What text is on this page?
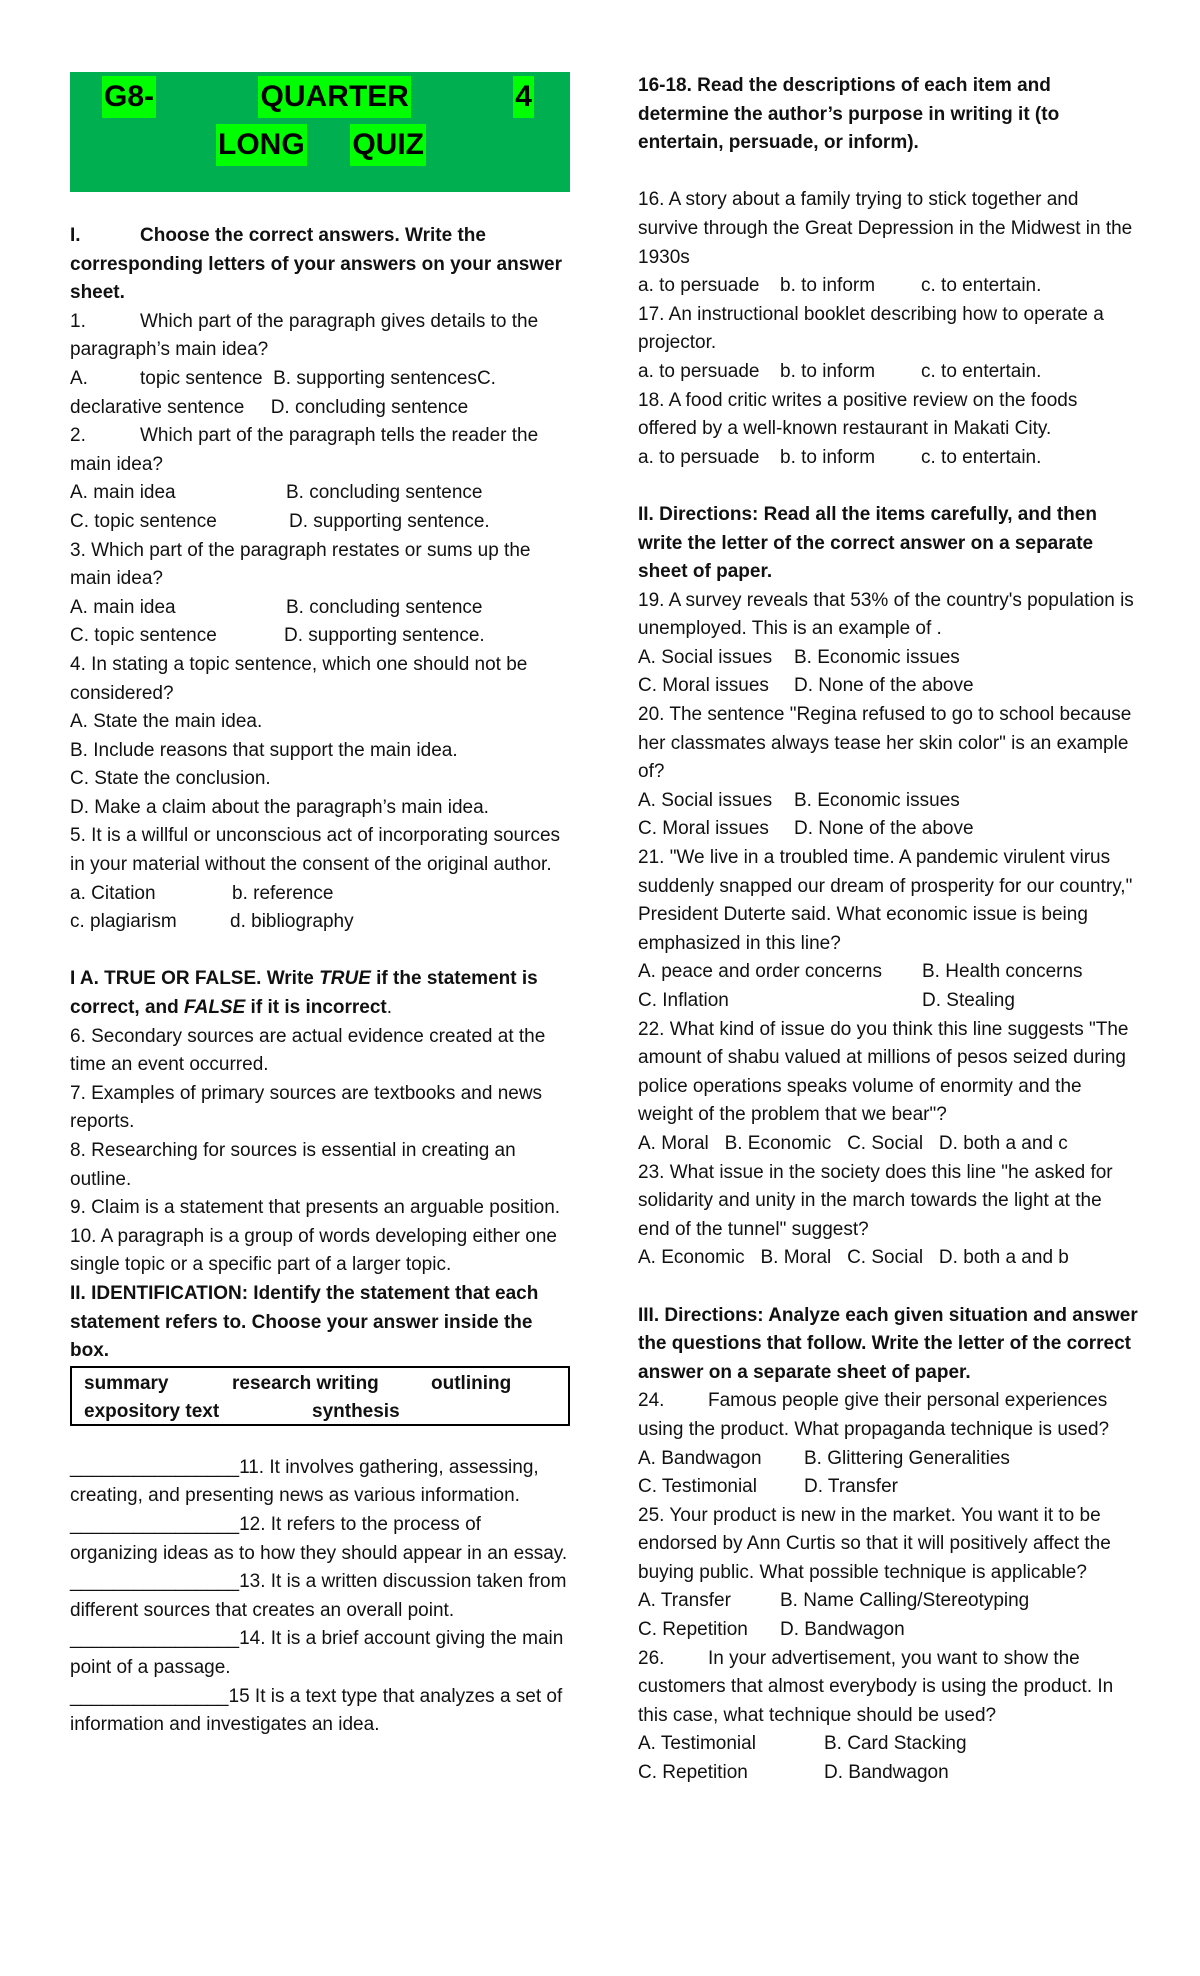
G8-	QUARTER	4
LONG QUIZ

I.	Choose the correct answers. Write the corresponding letters of your answers on your answer sheet.

1.	Which part of the paragraph gives details to the paragraph’s main idea?

A.	topic sentence B. supporting sentencesC. declarative sentence D. concluding sentence

2.	Which part of the paragraph tells the reader the main idea?

A. main idea	B. concluding sentence
C. topic sentence	D. supporting sentence.

3. Which part of the paragraph restates or sums up the main idea?

A. main idea	B. concluding sentence
C. topic sentence	D. supporting sentence.

4. In stating a topic sentence, which one should not be considered?

A. State the main idea.

B. Include reasons that support the main idea.

C. State the conclusion.

D. Make a claim about the paragraph’s main idea.

5. It is a willful or unconscious act of incorporating sources in your material without the consent of the original author.

a. Citation	b. reference
c. plagiarism	d. bibliography

I A. TRUE OR FALSE. Write TRUE if the statement is correct, and FALSE if it is incorrect.

6. Secondary sources are actual evidence created at the time an event occurred.

7. Examples of primary sources are textbooks and news reports.

8. Researching for sources is essential in creating an outline.

9. Claim is a statement that presents an arguable position.

10. A paragraph is a group of words developing either one single topic or a specific part of a larger topic.

II. IDENTIFICATION: Identify the statement that each statement refers to. Choose your answer inside the box.

summary	research writing	outlining
expository text	synthesis

________________11. It involves gathering, assessing, creating, and presenting news as various information.

________________12. It refers to the process of organizing ideas as to how they should appear in an essay.

________________13. It is a written discussion taken from different sources that creates an overall point.

________________14. It is a brief account giving the main point of a passage.

_______________15 It is a text type that analyzes a set of information and investigates an idea.

16-18. Read the descriptions of each item and determine the author’s purpose in writing it (to entertain, persuade, or inform).

16. A story about a family trying to stick together and survive through the Great Depression in the Midwest in the 1930s

a. to persuade	b. to inform	c. to entertain.

17. An instructional booklet describing how to operate a projector.

a. to persuade	b. to inform	c. to entertain.

18. A food critic writes a positive review on the foods offered by a well-known restaurant in Makati City.

a. to persuade	b. to inform	c. to entertain.

II. Directions: Read all the items carefully, and then write the letter of the correct answer on a separate sheet of paper.

19. A survey reveals that 53% of the country's population is unemployed. This is an example of .

A. Social issues	B. Economic issues
C. Moral issues	D. None of the above

20. The sentence "Regina refused to go to school because her classmates always tease her skin color" is an example of?

A. Social issues	B. Economic issues
C. Moral issues	D. None of the above

21. "We live in a troubled time. A pandemic virulent virus suddenly snapped our dream of prosperity for our country," President Duterte said. What economic issue is being emphasized in this line?

A. peace and order concerns	B. Health concerns
C. Inflation	D. Stealing

22. What kind of issue do you think this line suggests "The amount of shabu valued at millions of pesos seized during police operations speaks volume of enormity and the weight of the problem that we bear"?

A. Moral   B. Economic   C. Social   D. both a and c

23. What issue in the society does this line "he asked for solidarity and unity in the march towards the light at the end of the tunnel" suggest?

A. Economic   B. Moral   C. Social   D. both a and b

III. Directions: Analyze each given situation and answer the questions that follow. Write the letter of the correct answer on a separate sheet of paper.

24. Famous people give their personal experiences using the product. What propaganda technique is used?

A. Bandwagon	B. Glittering Generalities
C. Testimonial	D. Transfer

25. Your product is new in the market. You want it to be endorsed by Ann Curtis so that it will positively affect the buying public. What possible technique is applicable?

A. Transfer	B. Name Calling/Stereotyping
C. Repetition	D. Bandwagon

26. In your advertisement, you want to show the customers that almost everybody is using the product. In this case, what technique should be used?

A. Testimonial	B. Card Stacking
C. Repetition	D. Bandwagon
